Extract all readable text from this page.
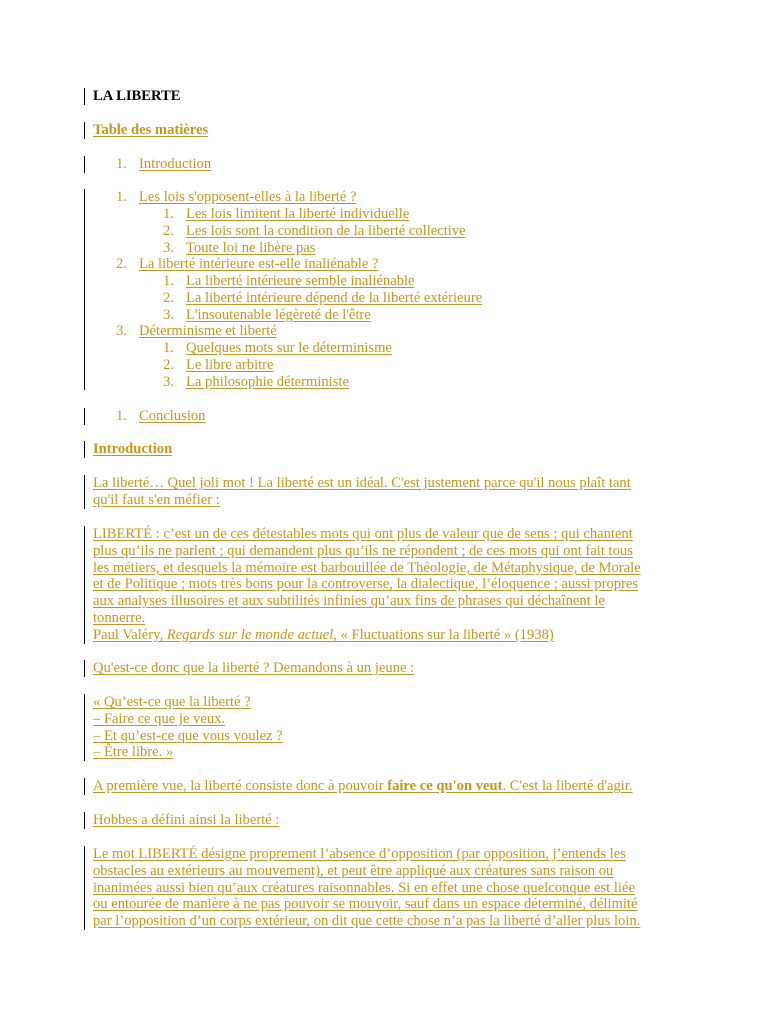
LA LIBERTE
Table des matières
1. Introduction
1. Les lois s'opposent-elles à la liberté ?
1. Les lois limitent la liberté individuelle
2. Les lois sont la condition de la liberté collective
3. Toute loi ne libère pas
2. La liberté intérieure est-elle inaliénable ?
1. La liberté intérieure semble inaliénable
2. La liberté intérieure dépend de la liberté extérieure
3. L'insoutenable légèreté de l'être
3. Déterminisme et liberté
1. Quelques mots sur le déterminisme
2. Le libre arbitre
3. La philosophie déterministe
1. Conclusion
Introduction
La liberté… Quel joli mot ! La liberté est un idéal. C'est justement parce qu'il nous plaît tant
qu'il faut s'en méfier :
LIBERTÉ : c’est un de ces détestables mots qui ont plus de valeur que de sens ; qui chantent
plus qu’ils ne parlent ; qui demandent plus qu’ils ne répondent ; de ces mots qui ont fait tous
les métiers, et desquels la mémoire est barbouillée de Théologie, de Métaphysique, de Morale
et de Politique ; mots très bons pour la controverse, la dialectique, l’éloquence ; aussi propres
aux analyses illusoires et aux subtilités infinies qu’aux fins de phrases qui déchaînent le
tonnerre.
Paul Valéry, Regards sur le monde actuel, « Fluctuations sur la liberté » (1938)
Qu'est-ce donc que la liberté ? Demandons à un jeune :
« Qu’est-ce que la liberté ?
– Faire ce que je veux.
– Et qu’est-ce que vous voulez ?
– Être libre. »
A première vue, la liberté consiste donc à pouvoir faire ce qu'on veut. C'est la liberté d'agir.
Hobbes a défini ainsi la liberté :
Le mot LIBERTÉ désigne proprement l’absence d’opposition (par opposition, j’entends les
obstacles au extérieurs au mouvement), et peut être appliqué aux créatures sans raison ou
inanimées aussi bien qu’aux créatures raisonnables. Si en effet une chose quelconque est liée
ou entourée de manière à ne pas pouvoir se mouvoir, sauf dans un espace déterminé, délimité
par l’opposition d’un corps extérieur, on dit que cette chose n’a pas la liberté d’aller plus loin.
